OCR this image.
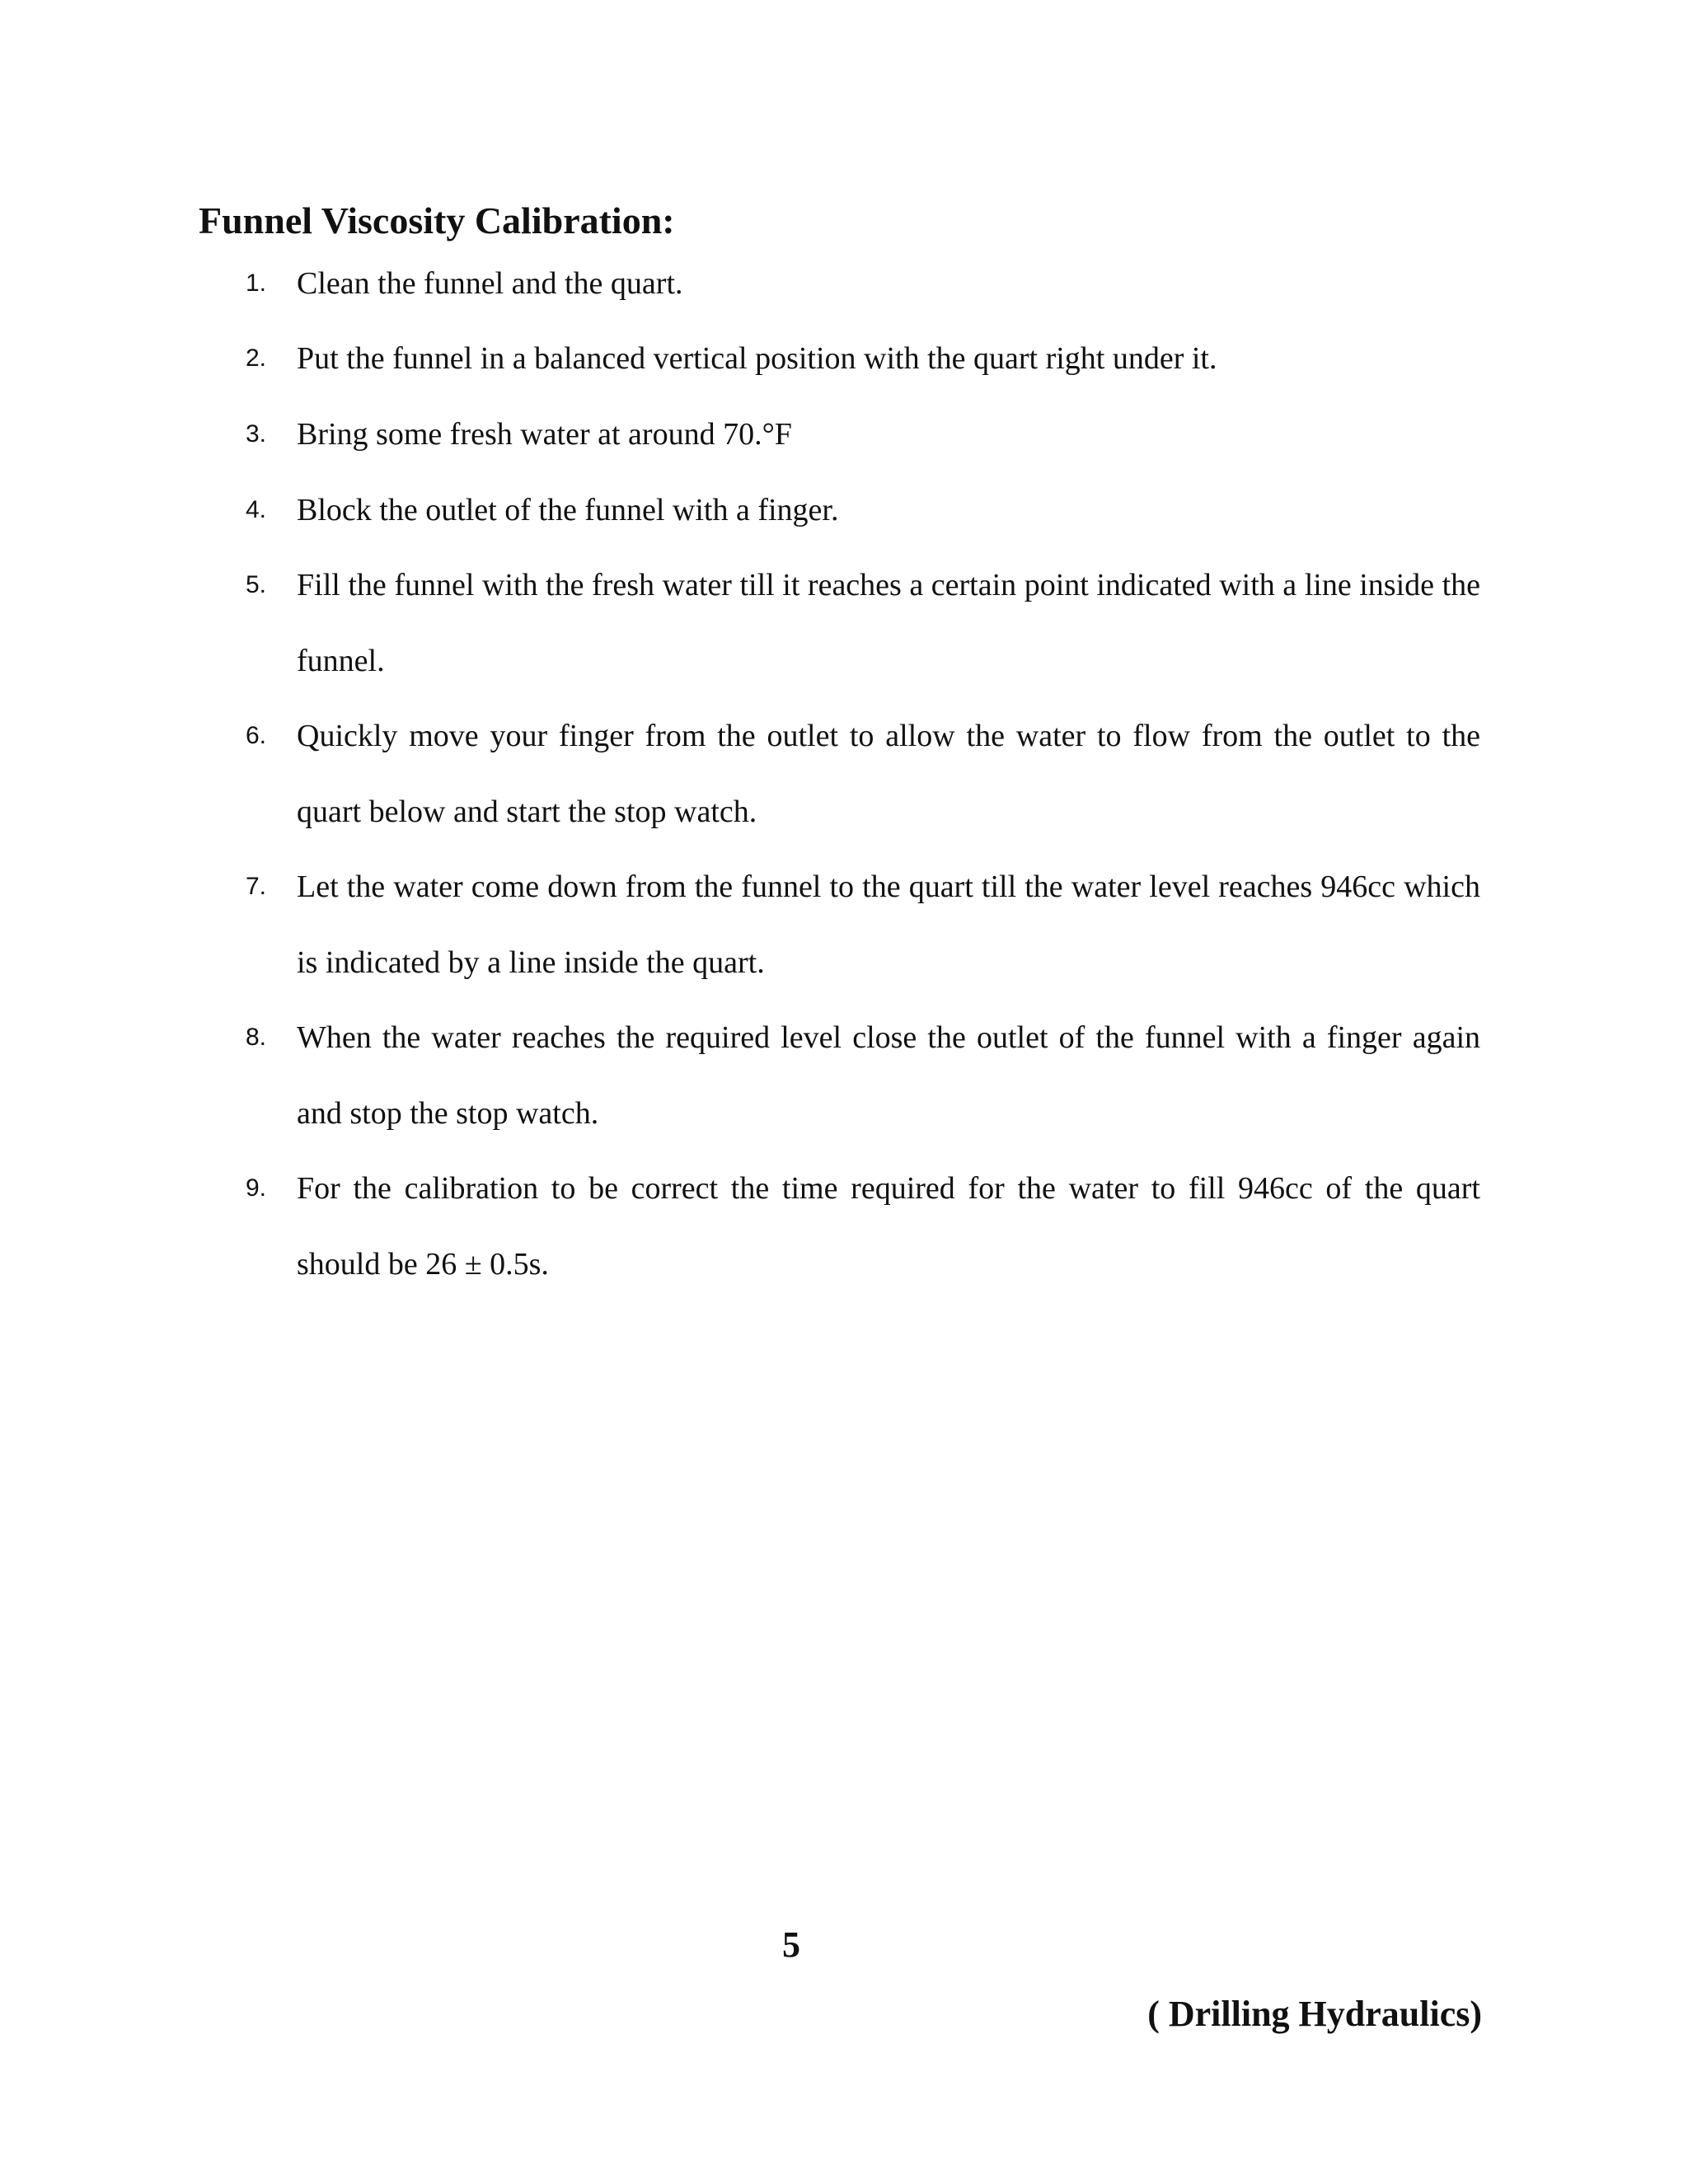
Funnel Viscosity Calibration:
1. Clean the funnel and the quart.
2. Put the funnel in a balanced vertical position with the quart right under it.
3. Bring some fresh water at around 70.°F
4. Block the outlet of the funnel with a finger.
5. Fill the funnel with the fresh water till it reaches a certain point indicated with a line inside the funnel.
6. Quickly move your finger from the outlet to allow the water to flow from the outlet to the quart below and start the stop watch.
7. Let the water come down from the funnel to the quart till the water level reaches 946cc which is indicated by a line inside the quart.
8. When the water reaches the required level close the outlet of the funnel with a finger again and stop the stop watch.
9. For the calibration to be correct the time required for the water to fill 946cc of the quart should be 26 ± 0.5s.
5
( Drilling Hydraulics)
